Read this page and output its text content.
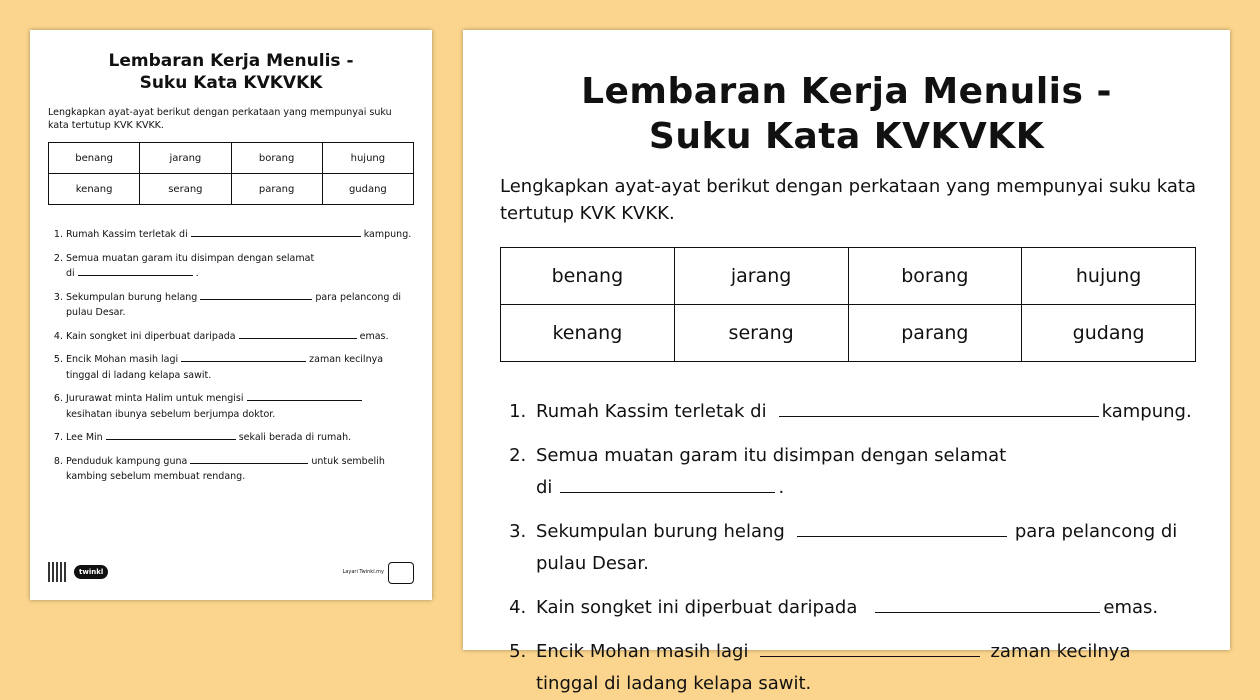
Lembaran Kerja Menulis -
Suku Kata KVKVKK
Lengkapkan ayat-ayat berikut dengan perkataan yang mempunyai suku kata tertutup KVK KVKK.
benang	jarang	borang	hujung
kenang	serang	parang	gudang
1. Rumah Kassim terletak di	kampung.
2. Semua muatan garam itu disimpan dengan selamat
di	.
3. Sekumpulan burung helang	para pelancong di
pulau Desar.
4. Kain songket ini diperbuat daripada	emas.
5. Encik Mohan masih lagi	zaman kecilnya
tinggal di ladang kelapa sawit.
6. Jururawat minta Halim untuk mengisi
kesihatan ibunya sebelum berjumpa doktor.
7. Lee Min	sekali berada di rumah.
8. Penduduk kampung guna	untuk sembelih
kambing sebelum membuat rendang.
twinkl	Layari Twinkl.my
Lembaran Kerja Menulis -
Suku Kata KVKVKK
Lengkapkan ayat-ayat berikut dengan perkataan yang mempunyai suku kata tertutup KVK KVKK.
benang	jarang	borang	hujung
kenang	serang	parang	gudang
1. Rumah Kassim terletak di	kampung.
2. Semua muatan garam itu disimpan dengan selamat
di	.
3. Sekumpulan burung helang	para pelancong di
pulau Desar.
4. Kain songket ini diperbuat daripada	emas.
5. Encik Mohan masih lagi	zaman kecilnya
tinggal di ladang kelapa sawit.
